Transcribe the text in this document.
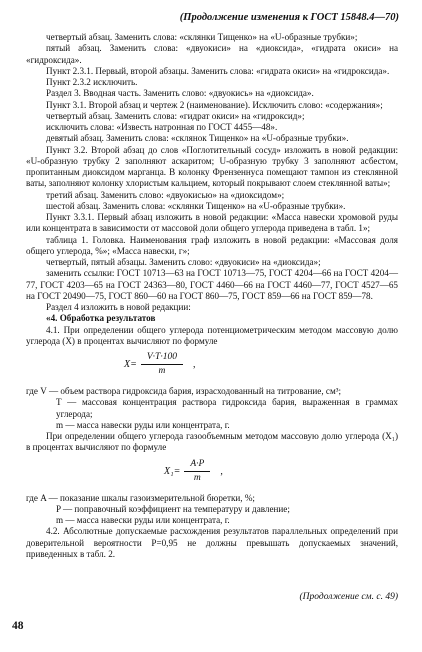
(Продолжение изменения к ГОСТ 15848.4—70)

четвертый абзац. Заменить слова: «склянки Тищенко» на «U-образные трубки»;

пятый абзац. Заменить слова: «двуокиси» на «диоксида», «гидрата окиси» на «гидроксида».

Пункт 2.3.1. Первый, второй абзацы. Заменить слова: «гидрата окиси» на «гидроксида».

Пункт 2.3.2 исключить.

Раздел 3. Вводная часть. Заменить слово: «двуокись» на «диоксида».

Пункт 3.1. Второй абзац и чертеж 2 (наименование). Исключить слово: «содержания»;

четвертый абзац. Заменить слова: «гидрат окиси» на «гидроксид»;

исключить слова: «Известь натронная по ГОСТ 4455—48».

девятый абзац. Заменить слова: «склянок Тищенко» на «U-образные трубки».

Пункт 3.2. Второй абзац до слов «Поглотительный сосуд» изложить в новой редакции: «U-образную трубку 2 заполняют аскаритом; U-образную трубку 3 заполняют асбестом, пропитанным диоксидом марганца. В колонку Френзеннуса помещают тампон из стеклянной ваты, заполняют колонку хлористым кальцием, который покрывают слоем стеклянной ваты»;

третий абзац. Заменить слово: «двуокисью» на «диоксидом»;

шестой абзац. Заменить слова: «склянки Тищенко» на «U-образные трубки».

Пункт 3.3.1. Первый абзац изложить в новой редакции: «Масса навески хромовой руды или концентрата в зависимости от массовой доли общего углерода приведена в табл. 1»;

таблица 1. Головка. Наименования граф изложить в новой редакции: «Массовая доля общего углерода, %»; «Масса навески, г»;

четвертый, пятый абзацы. Заменить слово: «двуокиси» на «диоксида»;

заменить ссылки: ГОСТ 10713—63 на ГОСТ 10713—75, ГОСТ 4204—66 на ГОСТ 4204—77, ГОСТ 4203—65 на ГОСТ 24363—80, ГОСТ 4460—66 на ГОСТ 4460—77, ГОСТ 4527—65 на ГОСТ 20490—75, ГОСТ 860—60 на ГОСТ 860—75, ГОСТ 859—66 на ГОСТ 859—78.

Раздел 4 изложить в новой редакции:

«4. Обработка результатов

4.1. При определении общего углерода потенциометрическим методом массовую долю углерода (X) в процентах вычисляют по формуле

$X= \frac{V\cdot T\cdot 100}{m}$ ,

где V — объем раствора гидроксида бария, израсходованный на титрование, см³;

T — массовая концентрация раствора гидроксида бария, выраженная в граммах углерода;

m — масса навески руды или концентрата, г.

При определении общего углерода газообъемным методом массовую долю углерода (X₁) в процентах вычисляют по формуле

$X_1= \frac{A\cdot P}{m}$ ,

где A — показание шкалы газоизмерительной бюретки, %;

P — поправочный коэффициент на температуру и давление;

m — масса навески руды или концентрата, г.

4.2. Абсолютные допускаемые расхождения результатов параллельных определений при доверительной вероятности P=0,95 не должны превышать допускаемых значений, приведенных в табл. 2.

(Продолжение см. с. 49)
48
